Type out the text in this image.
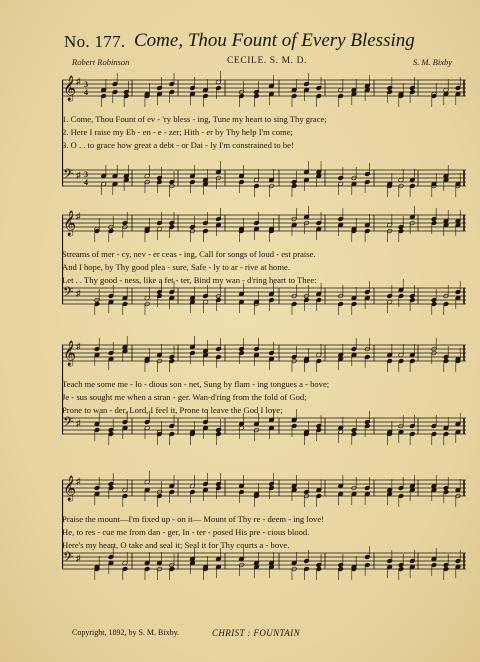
No. 177. Come, Thou Fount of Every Blessing
Robert Robinson	CECILE. S. M. D.	S. M. Bixby
𝄞 ♯ 3
4
𝄢 ♯ 3
4
1. Come, Thou Fount of ev - 'ry bless - ing, Tune my heart to sing Thy grace;
2. Here I raise my Eb - en - e - zer; Hith - er by Thy help I'm come;
3. O . . to grace how great a debt - or Dai - ly I'm constrained to be!
𝄞 ♯
𝄢 ♯
Streams of mer - cy, nev - er ceas - ing, Call for songs of loud - est praise.
And I hope, by Thy good plea - sure, Safe - ly to ar - rive at home.
Let . . Thy good - ness, like a fet - ter, Bind my wan - d'ring heart to Thee:
𝄞 ♯
𝄢 ♯
Teach me some me - lo - dious son - net, Sung by flam - ing tongues a - bove;
Je - sus sought me when a stran - ger. Wan-d'ring from the fold of God;
Prone to wan - der, Lord, I feel it, Prone to leave the God I love;
𝄞 ♯
𝄢 ♯
Praise the mount—I'm fixed up - on it— Mount of Thy re - deem - ing love!
He, to res - cue me from dan - ger, In - ter - posed His pre - cious blood.
Here's my heart, O take and seal it; Seal it for Thy courts a - bove.
Copyright, 1892, by S. M. Bixby.	CHRIST : FOUNTAIN
